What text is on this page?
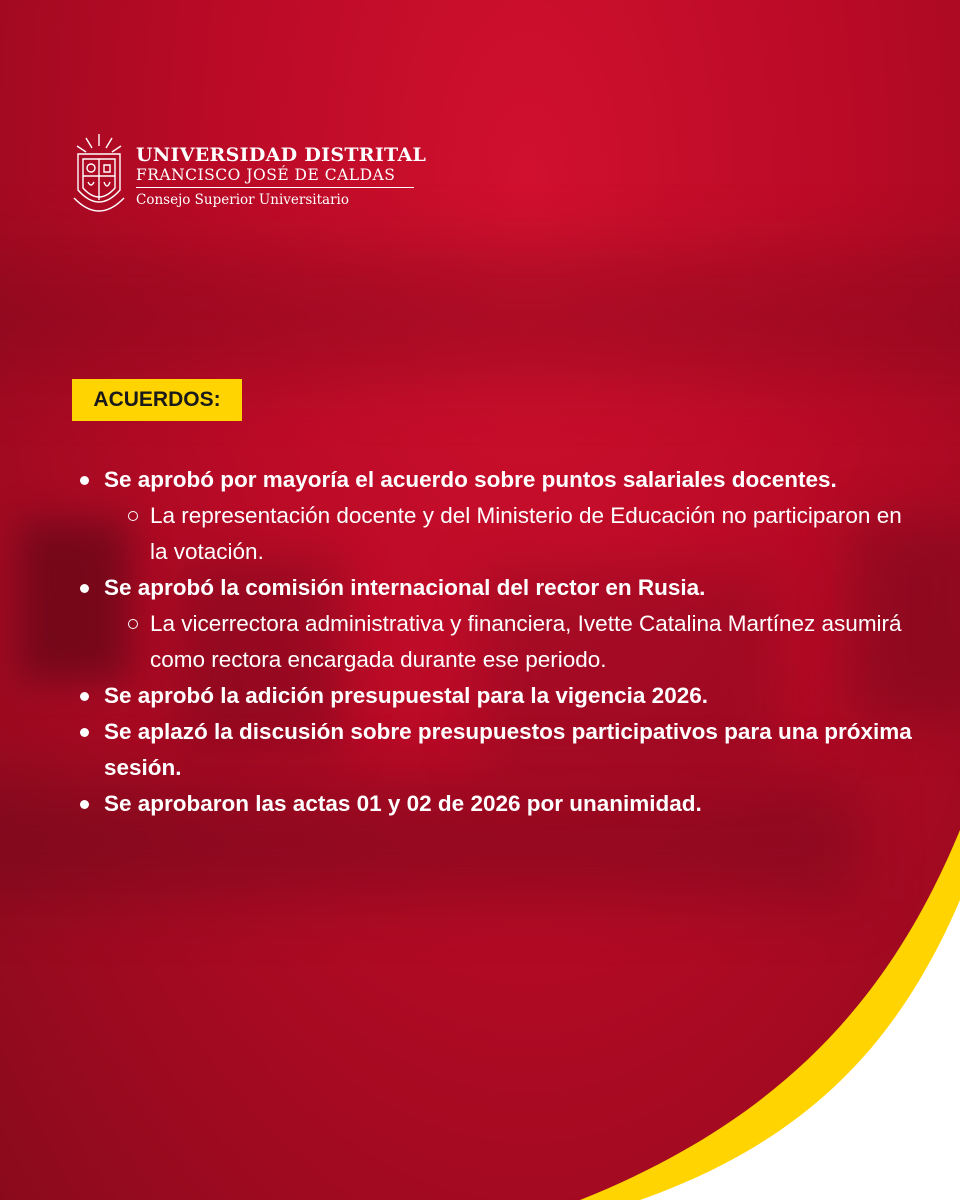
UNIVERSIDAD DISTRITAL
FRANCISCO JOSÉ DE CALDAS
Consejo Superior Universitario
ACUERDOS:
Se aprobó por mayoría el acuerdo sobre puntos salariales docentes.
La representación docente y del Ministerio de Educación no participaron en la votación.
Se aprobó la comisión internacional del rector en Rusia.
La vicerrectora administrativa y financiera, Ivette Catalina Martínez asumirá como rectora encargada durante ese periodo.
Se aprobó la adición presupuestal para la vigencia 2026.
Se aplazó la discusión sobre presupuestos participativos para una próxima sesión.
Se aprobaron las actas 01 y 02 de 2026 por unanimidad.
